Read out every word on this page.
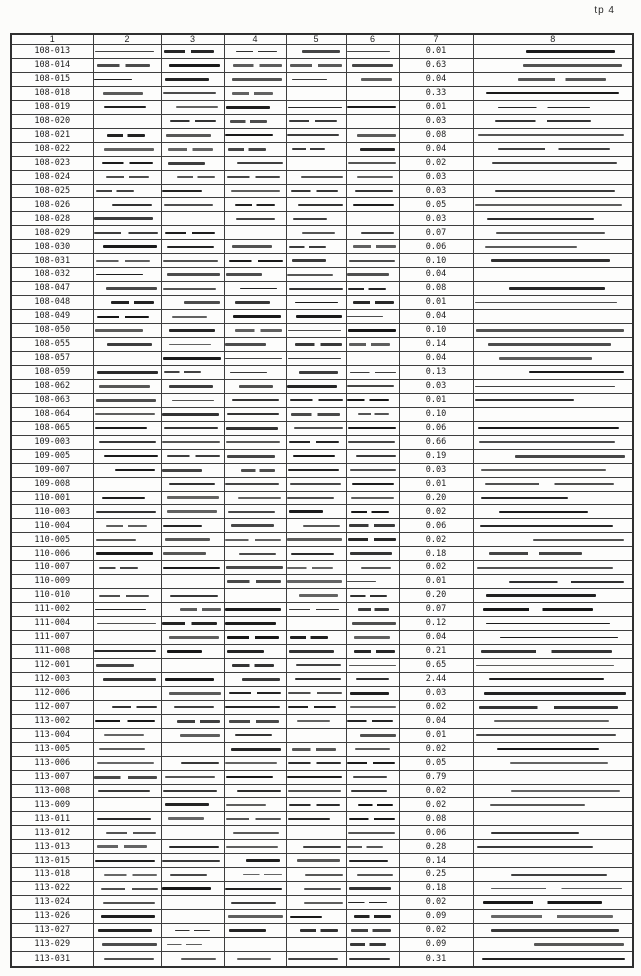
tp 4
1	2	3	4	5	6	7	8
108-013						0.01	

108-014						0.63	

108-015						0.04	

108-018						0.33	

108-019						0.01	

108-020						0.03	

108-021						0.08	

108-022						0.04	

108-023						0.02	

108-024						0.03	
108-025						0.03	

108-026						0.05	

108-028						0.03	

108-029						0.07	

108-030						0.06	

108-031						0.10	

108-032						0.04	
108-047						0.08	

108-048						0.01	

108-049						0.04	
108-050						0.10	

108-055						0.14	

108-057						0.04	

108-059						0.13	

108-062						0.03	

108-063						0.01	

108-064						0.10	
108-065						0.06	

109-003						0.66	

109-005						0.19	

109-007						0.03	

109-008						0.01	

110-001						0.20	

110-003						0.02	

110-004						0.06	

110-005						0.02	

110-006						0.18	

110-007						0.02	

110-009						0.01	

110-010						0.20	

111-002						0.07	

111-004						0.12	

111-007						0.04	

111-008						0.21	

112-001						0.65	

112-003						2.44	

112-006						0.03	

112-007						0.02	

113-002						0.04	

113-004						0.01	

113-005						0.02	

113-006						0.05	

113-007						0.79	
113-008						0.02	

113-009						0.02	

113-011						0.08	
113-012						0.06	

113-013						0.28	

113-015						0.14	
113-018						0.25	

113-022						0.18	

113-024						0.02	

113-026						0.09	

113-027						0.02	

113-029						0.09	

113-031						0.31	
